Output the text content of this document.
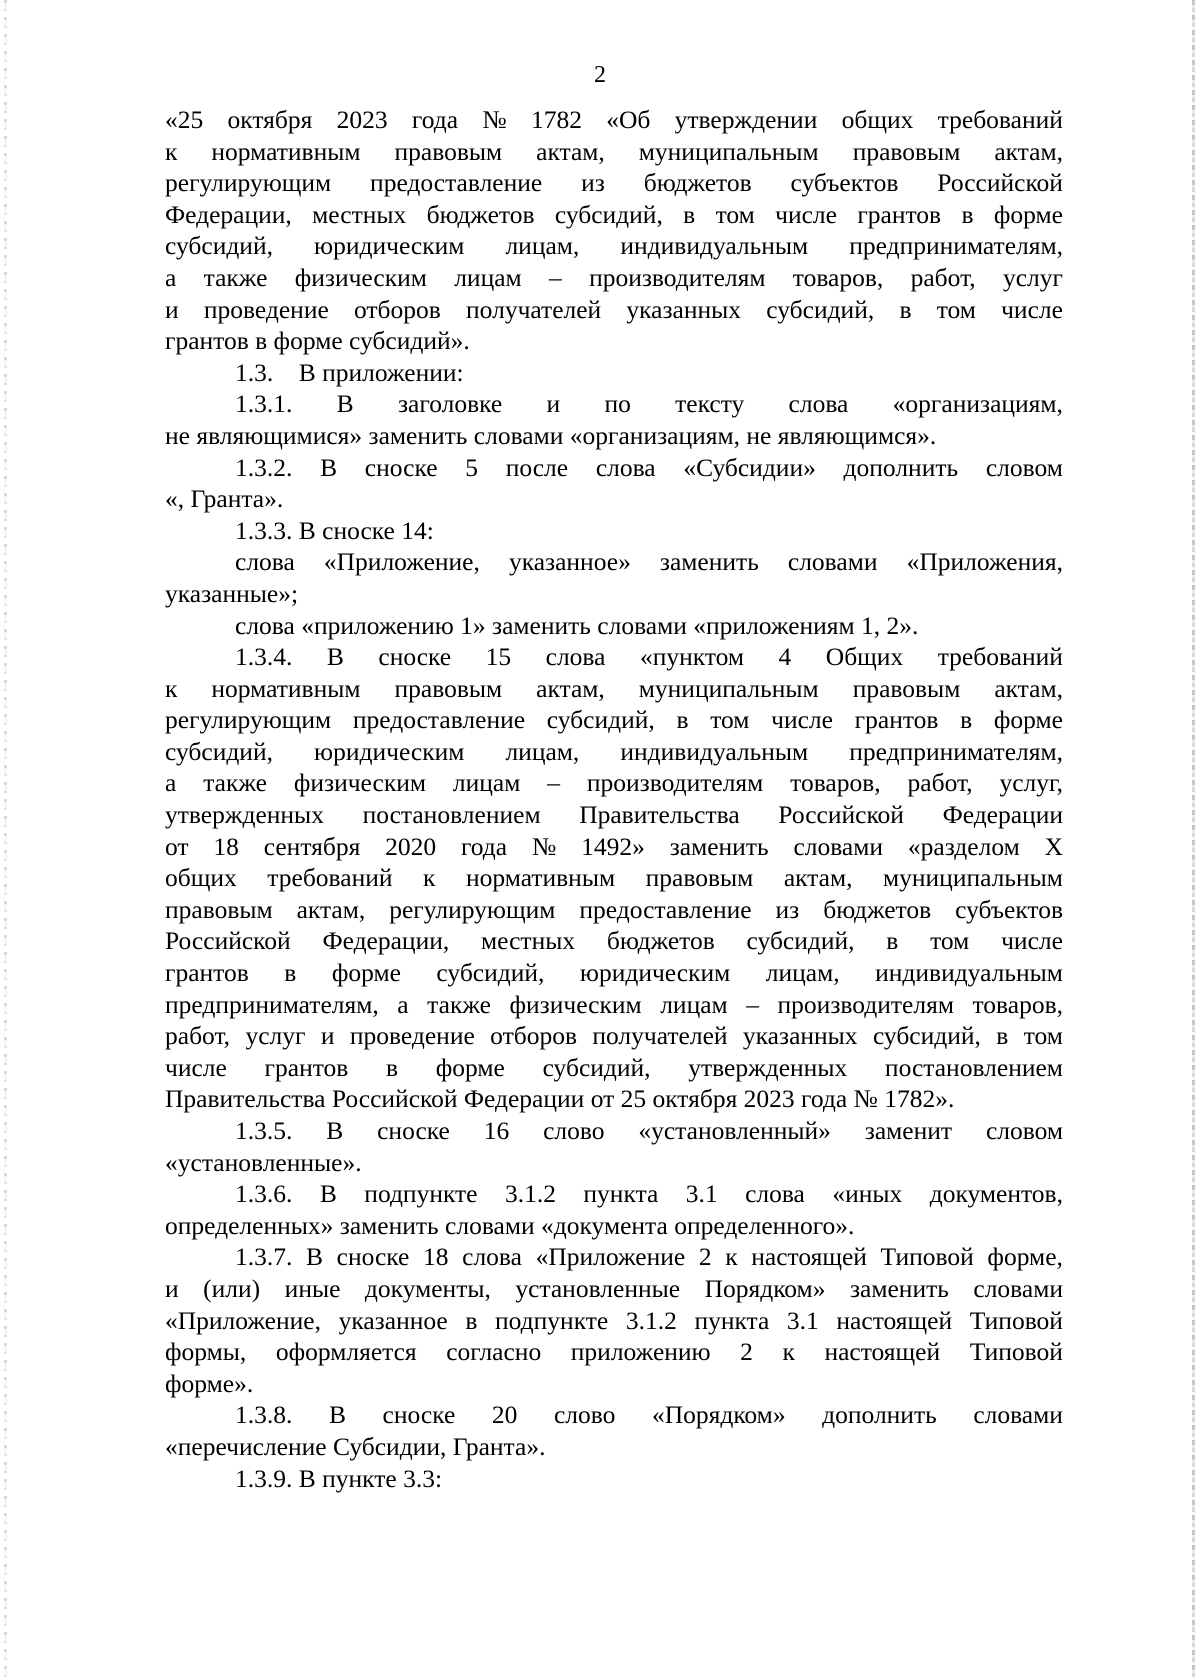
2
«25 октября 2023 года № 1782 «Об утверждении общих требований
к нормативным правовым актам, муниципальным правовым актам,
регулирующим предоставление из бюджетов субъектов Российской
Федерации, местных бюджетов субсидий, в том числе грантов в форме
субсидий, юридическим лицам, индивидуальным предпринимателям,
а также физическим лицам – производителям товаров, работ, услуг
и проведение отборов получателей указанных субсидий, в том числе
грантов в форме субсидий».
1.3.    В приложении:
1.3.1. В заголовке и по тексту слова «организациям,
не являющимися» заменить словами «организациям, не являющимся».
1.3.2. В сноске 5 после слова «Субсидии» дополнить словом
«, Гранта».
1.3.3. В сноске 14:
слова «Приложение, указанное» заменить словами «Приложения,
указанные»;
слова «приложению 1» заменить словами «приложениям 1, 2».
1.3.4. В сноске 15 слова «пунктом 4 Общих требований
к нормативным правовым актам, муниципальным правовым актам,
регулирующим предоставление субсидий, в том числе грантов в форме
субсидий, юридическим лицам, индивидуальным предпринимателям,
а также физическим лицам – производителям товаров, работ, услуг,
утвержденных постановлением Правительства Российской Федерации
от 18 сентября 2020 года № 1492» заменить словами «разделом X
общих требований к нормативным правовым актам, муниципальным
правовым актам, регулирующим предоставление из бюджетов субъектов
Российской Федерации, местных бюджетов субсидий, в том числе
грантов в форме субсидий, юридическим лицам, индивидуальным
предпринимателям, а также физическим лицам – производителям товаров,
работ, услуг и проведение отборов получателей указанных субсидий, в том
числе грантов в форме субсидий, утвержденных постановлением
Правительства Российской Федерации от 25 октября 2023 года № 1782».
1.3.5. В сноске 16 слово «установленный» заменит словом
«установленные».
1.3.6. В подпункте 3.1.2 пункта 3.1 слова «иных документов,
определенных» заменить словами «документа определенного».
1.3.7. В сноске 18 слова «Приложение 2 к настоящей Типовой форме,
и (или) иные документы, установленные Порядком» заменить словами
«Приложение, указанное в подпункте 3.1.2 пункта 3.1 настоящей Типовой
формы, оформляется согласно приложению 2 к настоящей Типовой
форме».
1.3.8. В сноске 20 слово «Порядком» дополнить словами
«перечисление Субсидии, Гранта».
1.3.9. В пункте 3.3:
